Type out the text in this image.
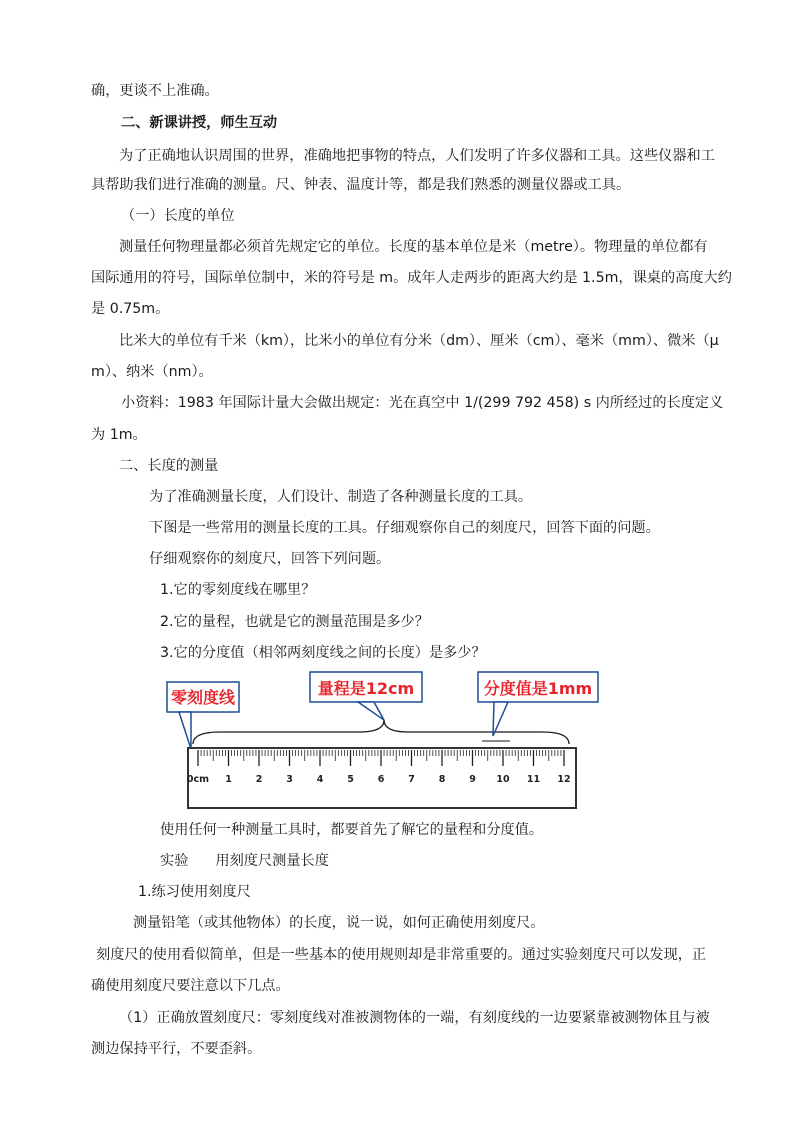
确，更谈不上准确。
二、新课讲授，师生互动
为了正确地认识周围的世界，准确地把事物的特点，人们发明了许多仪器和工具。这些仪器和工
具帮助我们进行准确的测量。尺、钟表、温度计等，都是我们熟悉的测量仪器或工具。
（一）长度的单位
测量任何物理量都必须首先规定它的单位。长度的基本单位是米（metre）。物理量的单位都有
国际通用的符号，国际单位制中，米的符号是 m。成年人走两步的距离大约是 1.5m，课桌的高度大约
是 0.75m。
比米大的单位有千米（km），比米小的单位有分米（dm）、厘米（cm）、毫米（mm）、微米（μ
m）、纳米（nm）。
小资料：1983 年国际计量大会做出规定：光在真空中 1/(299 792 458) s 内所经过的长度定义
为 1m。
二、长度的测量
为了准确测量长度，人们设计、制造了各种测量长度的工具。
下图是一些常用的测量长度的工具。仔细观察你自己的刻度尺，回答下面的问题。
仔细观察你的刻度尺，回答下列问题。
1.它的零刻度线在哪里？
2.它的量程，也就是它的测量范围是多少？
3.它的分度值（相邻两刻度线之间的长度）是多少？
零刻度线	量程是12cm	分度值是1mm
0cm 1	2	3	4	5	6	7	8	9 10 11 12
使用任何一种测量工具时，都要首先了解它的量程和分度值。
实验      用刻度尺测量长度
1.练习使用刻度尺
测量铅笔（或其他物体）的长度，说一说，如何正确使用刻度尺。
刻度尺的使用看似简单，但是一些基本的使用规则却是非常重要的。通过实验刻度尺可以发现，正
确使用刻度尺要注意以下几点。
（1）正确放置刻度尺：零刻度线对准被测物体的一端，有刻度线的一边要紧靠被测物体且与被
测边保持平行，不要歪斜。
